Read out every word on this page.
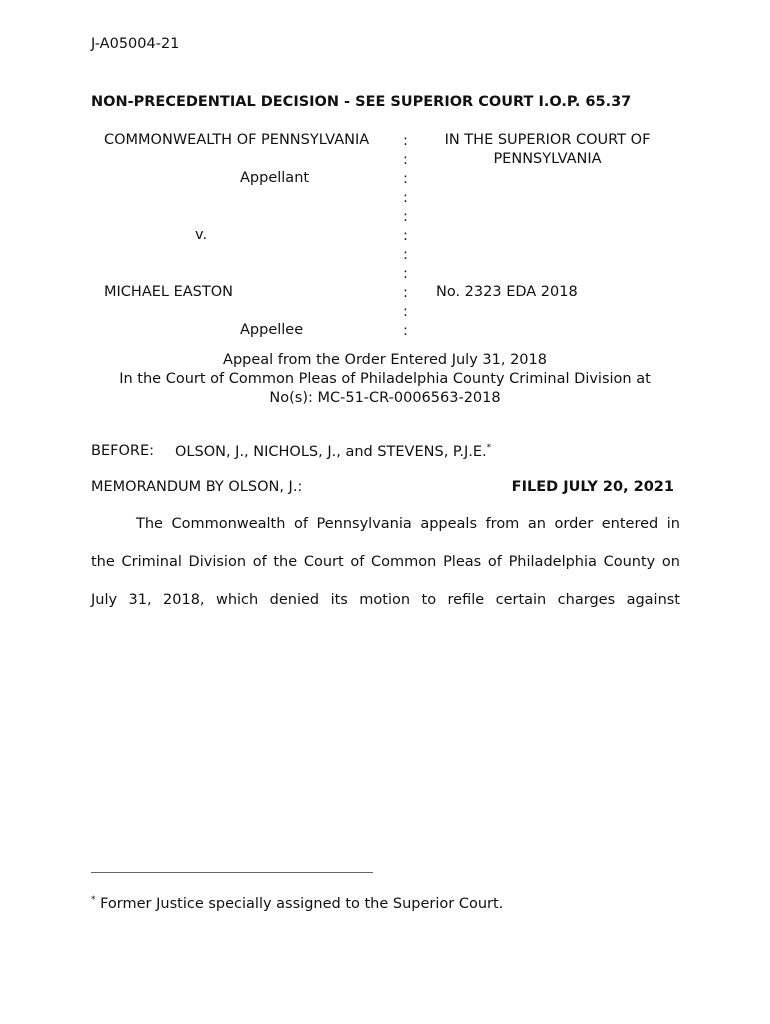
J-A05004-21
NON-PRECEDENTIAL DECISION - SEE SUPERIOR COURT I.O.P. 65.37
COMMONWEALTH OF PENNSYLVANIA
Appellant
v.
MICHAEL EASTON
Appellee
:
:
:
:
:
:
:
:
:
:
:
IN THE SUPERIOR COURT OF
PENNSYLVANIA
No. 2323 EDA 2018
Appeal from the Order Entered July 31, 2018
In the Court of Common Pleas of Philadelphia County Criminal Division at
No(s): MC-51-CR-0006563-2018
BEFORE: OLSON, J., NICHOLS, J., and STEVENS, P.J.E.*
MEMORANDUM BY OLSON, J.:	FILED JULY 20, 2021
The Commonwealth of Pennsylvania appeals from an order entered in
the Criminal Division of the Court of Common Pleas of Philadelphia County on
July 31, 2018, which denied its motion to refile certain charges against
* Former Justice specially assigned to the Superior Court.
